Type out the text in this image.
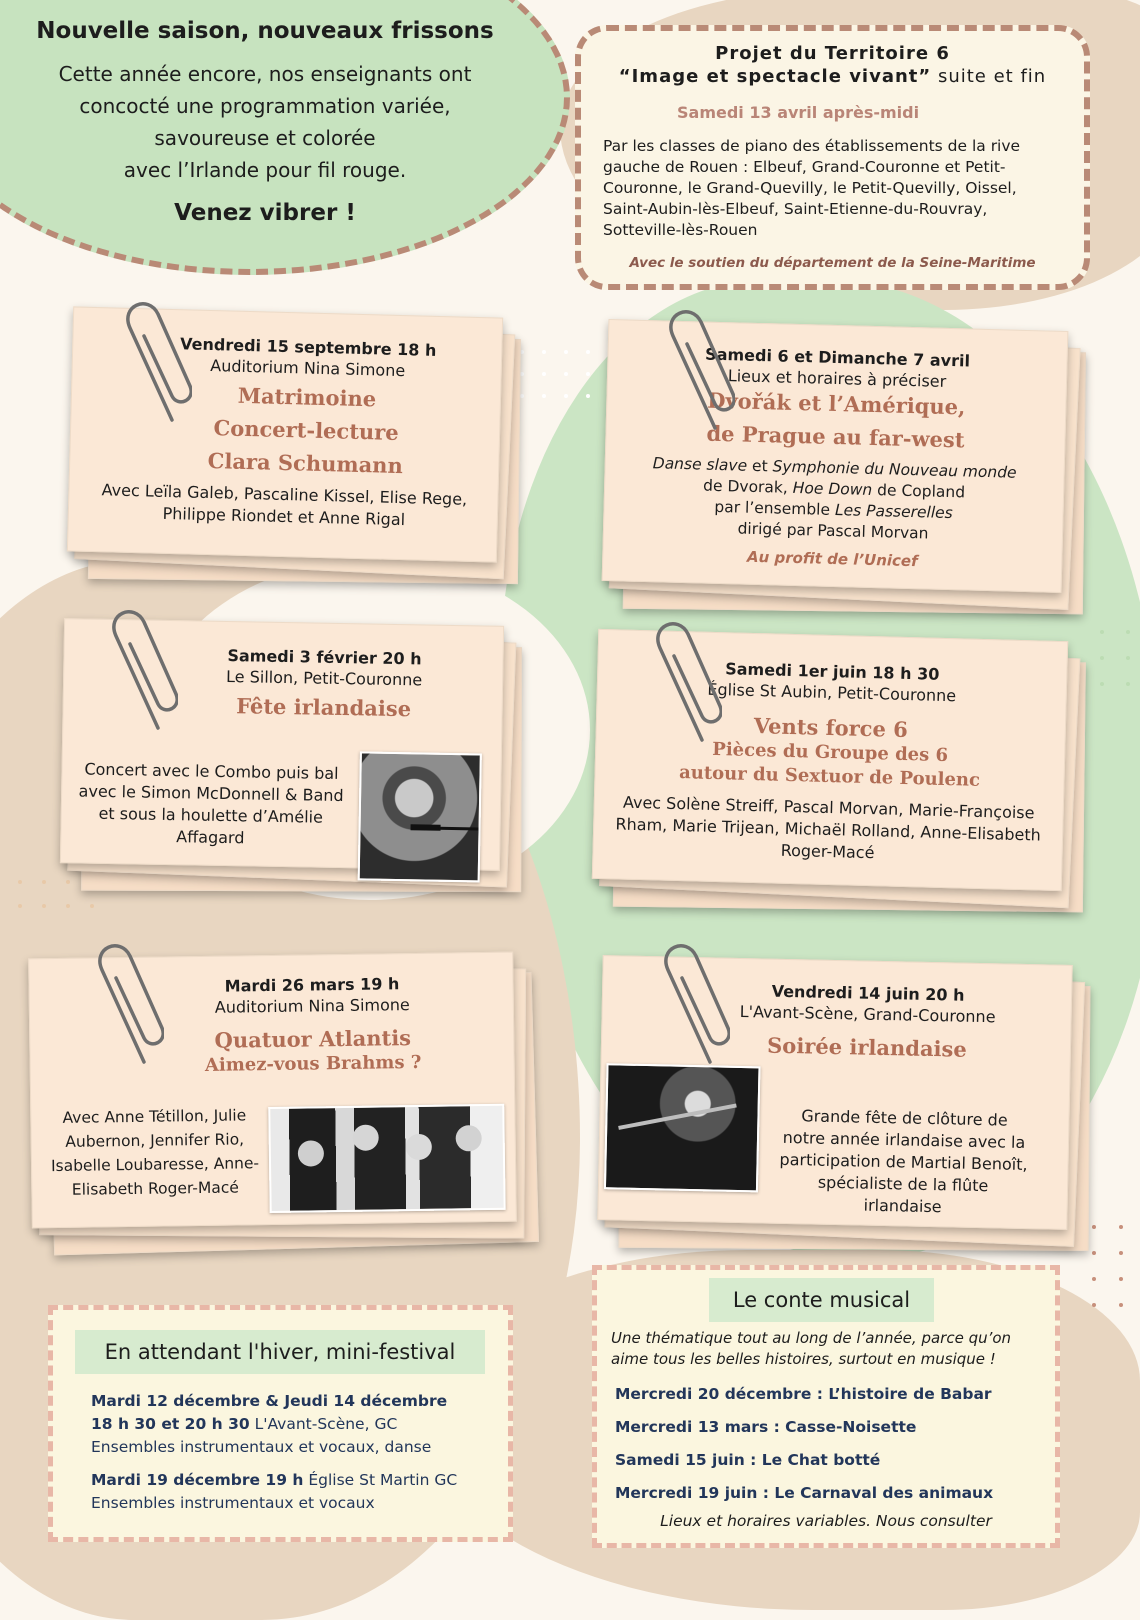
Nouvelle saison, nouveaux frissons
Cette année encore, nos enseignants ont
concocté une programmation variée,
savoureuse et colorée
avec l’Irlande pour fil rouge.
Venez vibrer !
Projet du Territoire 6
“Image et spectacle vivant” suite et fin
Samedi 13 avril après-midi

Par les classes de piano des établissements de la rive gauche de Rouen : Elbeuf, Grand-Couronne et Petit-Couronne, le Grand-Quevilly, le Petit-Quevilly, Oissel, Saint-Aubin-lès-Elbeuf, Saint-Etienne-du-Rouvray, Sotteville-lès-Rouen

Avec le soutien du département de la Seine-Maritime
Vendredi 15 septembre 18 h
Auditorium Nina Simone
Matrimoine
Concert-lecture
Clara Schumann
Avec Leïla Galeb, Pascaline Kissel, Elise Rege, Philippe Riondet et Anne Rigal
Samedi 6 et Dimanche 7 avril
Lieux et horaires à préciser
Dvořák et l’Amérique,
de Prague au far-west
Danse slave et Symphonie du Nouveau monde
de Dvorak, Hoe Down de Copland
par l’ensemble Les Passerelles
dirigé par Pascal Morvan
Au profit de l’Unicef
Samedi 3 février 20 h
Le Sillon, Petit-Couronne
Fête irlandaise
Concert avec le Combo puis bal avec le Simon McDonnell & Band et sous la houlette d’Amélie Affagard
Samedi 1er juin 18 h 30
Église St Aubin, Petit-Couronne
Vents force 6
Pièces du Groupe des 6
autour du Sextuor de Poulenc
Avec Solène Streiff, Pascal Morvan, Marie-Françoise Rham, Marie Trijean, Michaël Rolland, Anne-Elisabeth Roger-Macé
Mardi 26 mars 19 h
Auditorium Nina Simone
Quatuor Atlantis
Aimez-vous Brahms ?
Avec Anne Tétillon, Julie Aubernon, Jennifer Rio, Isabelle Loubaresse, Anne-Elisabeth Roger-Macé
Vendredi 14 juin 20 h
L'Avant-Scène, Grand-Couronne
Soirée irlandaise
Grande fête de clôture de notre année irlandaise avec la participation de Martial Benoît, spécialiste de la flûte irlandaise
En attendant l'hiver, mini-festival

Mardi 12 décembre & Jeudi 14 décembre
18 h 30 et 20 h 30 L'Avant-Scène, GC
Ensembles instrumentaux et vocaux, danse

Mardi 19 décembre 19 h Église St Martin GC
Ensembles instrumentaux et vocaux

Le conte musical
Une thématique tout au long de l’année, parce qu’on aime tous les belles histoires, surtout en musique !
Mercredi 20 décembre : L’histoire de Babar
Mercredi 13 mars : Casse-Noisette
Samedi 15 juin : Le Chat botté
Mercredi 19 juin : Le Carnaval des animaux
Lieux et horaires variables. Nous consulter
